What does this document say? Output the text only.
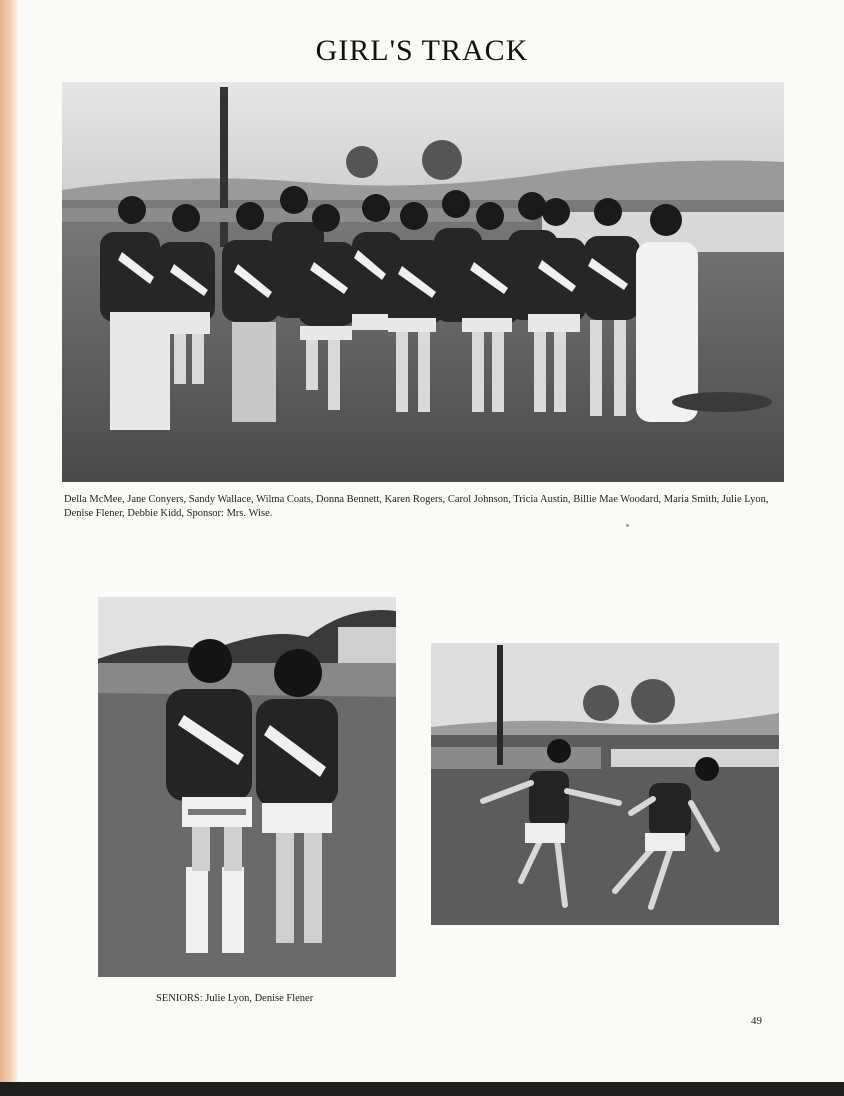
GIRL'S TRACK

Della McMee, Jane Conyers, Sandy Wallace, Wilma Coats, Donna Bennett, Karen Rogers, Carol Johnson, Tricia Austin, Billie Mae Woodard, Maria Smith, Julie Lyon, Denise Flener, Debbie Kidd, Sponsor: Mrs. Wise.

SENIORS: Julie Lyon, Denise Flener

49
